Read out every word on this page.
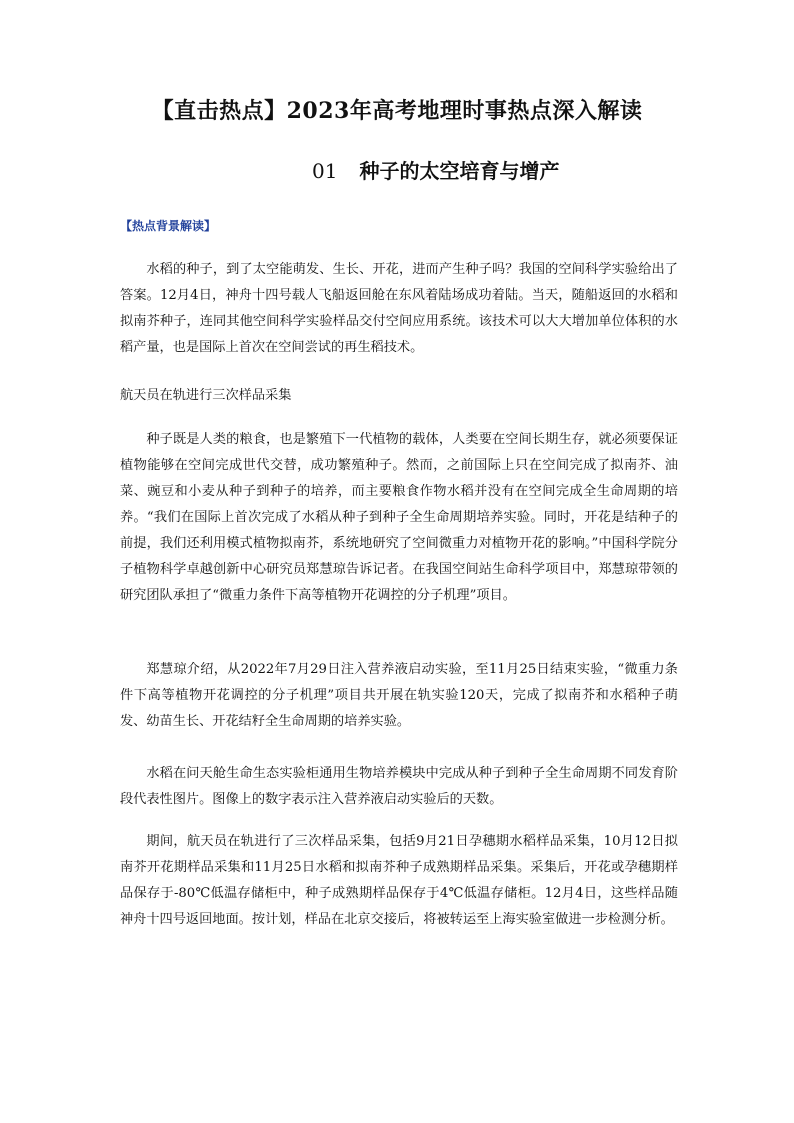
【直击热点】2023年高考地理时事热点深入解读
01 种子的太空培育与增产
【热点背景解读】

水稻的种子，到了太空能萌发、生长、开花，进而产生种子吗？我国的空间科学实验给出了答案。12月4日，神舟十四号载人飞船返回舱在东风着陆场成功着陆。当天，随船返回的水稻和拟南芥种子，连同其他空间科学实验样品交付空间应用系统。该技术可以大大增加单位体积的水稻产量，也是国际上首次在空间尝试的再生稻技术。

航天员在轨进行三次样品采集

种子既是人类的粮食，也是繁殖下一代植物的载体，人类要在空间长期生存，就必须要保证植物能够在空间完成世代交替，成功繁殖种子。然而，之前国际上只在空间完成了拟南芥、油菜、豌豆和小麦从种子到种子的培养，而主要粮食作物水稻并没有在空间完成全生命周期的培养。“我们在国际上首次完成了水稻从种子到种子全生命周期培养实验。同时，开花是结种子的前提，我们还利用模式植物拟南芥，系统地研究了空间微重力对植物开花的影响。”中国科学院分子植物科学卓越创新中心研究员郑慧琼告诉记者。在我国空间站生命科学项目中，郑慧琼带领的研究团队承担了“微重力条件下高等植物开花调控的分子机理”项目。

郑慧琼介绍，从2022年7月29日注入营养液启动实验，至11月25日结束实验，“微重力条件下高等植物开花调控的分子机理”项目共开展在轨实验120天，完成了拟南芥和水稻种子萌发、幼苗生长、开花结籽全生命周期的培养实验。

水稻在问天舱生命生态实验柜通用生物培养模块中完成从种子到种子全生命周期不同发育阶段代表性图片。图像上的数字表示注入营养液启动实验后的天数。

期间，航天员在轨进行了三次样品采集，包括9月21日孕穗期水稻样品采集，10月12日拟南芥开花期样品采集和11月25日水稻和拟南芥种子成熟期样品采集。采集后，开花或孕穗期样品保存于-80℃低温存储柜中，种子成熟期样品保存于4℃低温存储柜。12月4日，这些样品随神舟十四号返回地面。按计划，样品在北京交接后，将被转运至上海实验室做进一步检测分析。
